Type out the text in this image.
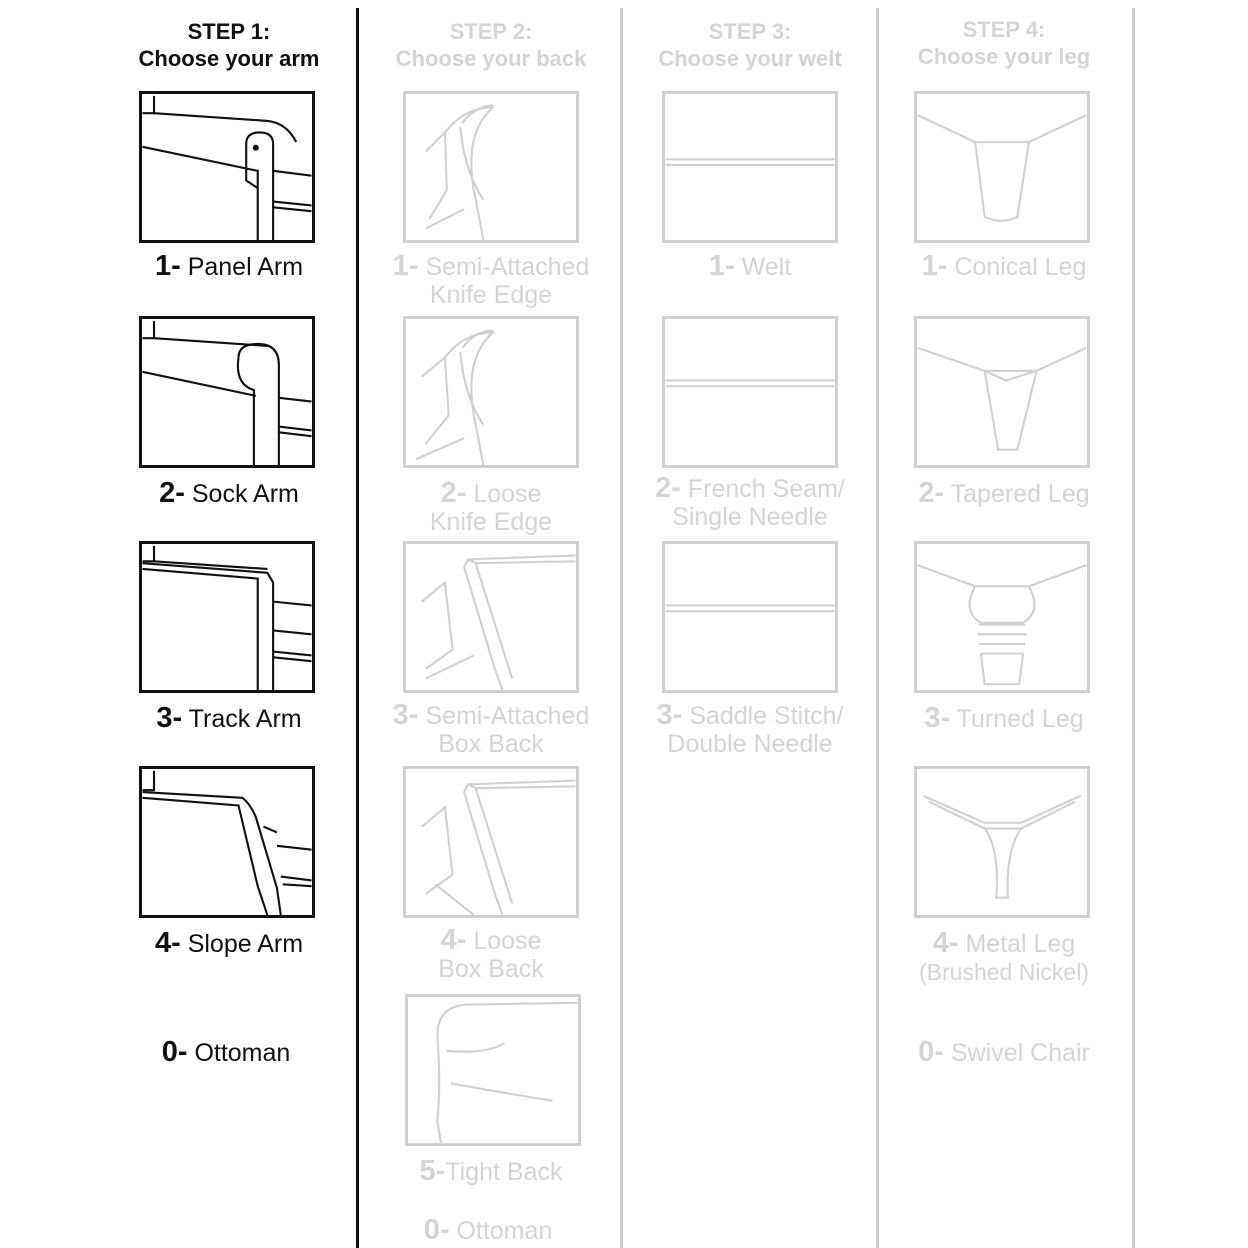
STEP 1:
Choose your arm
1- Panel Arm
2- Sock Arm
3- Track Arm
4- Slope Arm
0- Ottoman
STEP 2:
Choose your back
1- Semi-Attached
Knife Edge
2- Loose
Knife Edge
3- Semi-Attached
Box Back
4- Loose
Box Back
5-Tight Back
0- Ottoman
STEP 3:
Choose your welt
1- Welt
2- French Seam/
Single Needle
3- Saddle Stitch/
Double Needle
STEP 4:
Choose your leg
1- Conical Leg
2- Tapered Leg
3- Turned Leg
4- Metal Leg
(Brushed Nickel)
0- Swivel Chair
